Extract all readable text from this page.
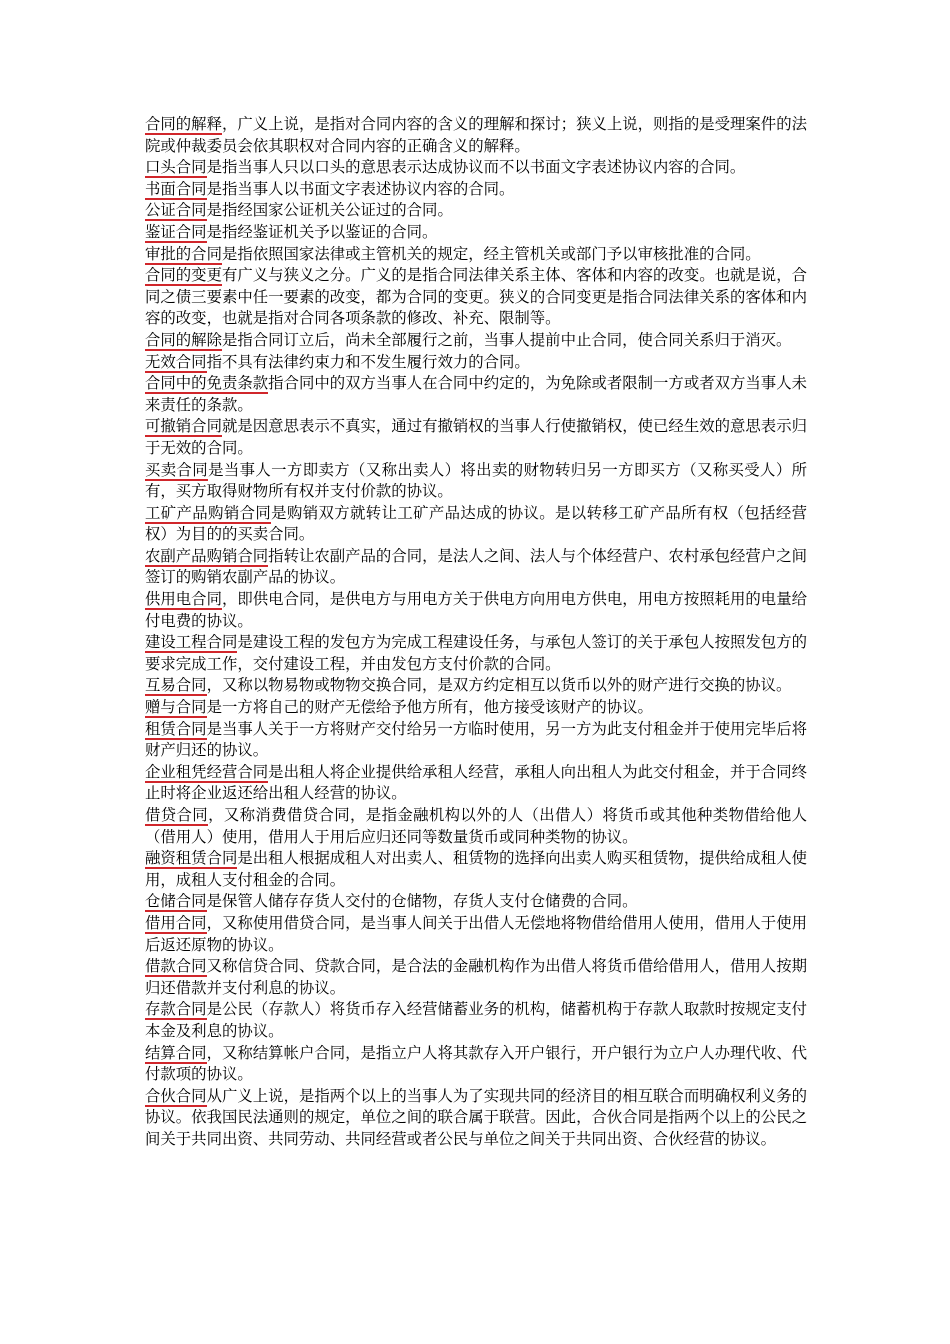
合同的解释，广义上说，是指对合同内容的含义的理解和探讨；狭义上说，则指的是受理案件的法院或仲裁委员会依其职权对合同内容的正确含义的解释。

口头合同是指当事人只以口头的意思表示达成协议而不以书面文字表述协议内容的合同。

书面合同是指当事人以书面文字表述协议内容的合同。

公证合同是指经国家公证机关公证过的合同。

鉴证合同是指经鉴证机关予以鉴证的合同。

审批的合同是指依照国家法律或主管机关的规定，经主管机关或部门予以审核批准的合同。

合同的变更有广义与狭义之分。广义的是指合同法律关系主体、客体和内容的改变。也就是说，合同之债三要素中任一要素的改变，都为合同的变更。狭义的合同变更是指合同法律关系的客体和内容的改变，也就是指对合同各项条款的修改、补充、限制等。

合同的解除是指合同订立后，尚未全部履行之前，当事人提前中止合同，使合同关系归于消灭。

无效合同指不具有法律约束力和不发生履行效力的合同。

合同中的免责条款指合同中的双方当事人在合同中约定的，为免除或者限制一方或者双方当事人未来责任的条款。

可撤销合同就是因意思表示不真实，通过有撤销权的当事人行使撤销权，使已经生效的意思表示归于无效的合同。

买卖合同是当事人一方即卖方（又称出卖人）将出卖的财物转归另一方即买方（又称买受人）所有，买方取得财物所有权并支付价款的协议。

工矿产品购销合同是购销双方就转让工矿产品达成的协议。是以转移工矿产品所有权（包括经营权）为目的的买卖合同。

农副产品购销合同指转让农副产品的合同，是法人之间、法人与个体经营户、农村承包经营户之间签订的购销农副产品的协议。

供用电合同，即供电合同，是供电方与用电方关于供电方向用电方供电，用电方按照耗用的电量给付电费的协议。

建设工程合同是建设工程的发包方为完成工程建设任务，与承包人签订的关于承包人按照发包方的要求完成工作，交付建设工程，并由发包方支付价款的合同。

互易合同，又称以物易物或物物交换合同，是双方约定相互以货币以外的财产进行交换的协议。

赠与合同是一方将自己的财产无偿给予他方所有，他方接受该财产的协议。

租赁合同是当事人关于一方将财产交付给另一方临时使用，另一方为此支付租金并于使用完毕后将财产归还的协议。

企业租凭经营合同是出租人将企业提供给承租人经营，承租人向出租人为此交付租金，并于合同终止时将企业返还给出租人经营的协议。

借贷合同，又称消费借贷合同，是指金融机构以外的人（出借人）将货币或其他种类物借给他人（借用人）使用，借用人于用后应归还同等数量货币或同种类物的协议。

融资租赁合同是出租人根据成租人对出卖人、租赁物的选择向出卖人购买租赁物，提供给成租人使用，成租人支付租金的合同。

仓储合同是保管人储存存货人交付的仓储物，存货人支付仓储费的合同。

借用合同，又称使用借贷合同，是当事人间关于出借人无偿地将物借给借用人使用，借用人于使用后返还原物的协议。

借款合同又称信贷合同、贷款合同，是合法的金融机构作为出借人将货币借给借用人，借用人按期归还借款并支付利息的协议。

存款合同是公民（存款人）将货币存入经营储蓄业务的机构，储蓄机构于存款人取款时按规定支付本金及利息的协议。

结算合同，又称结算帐户合同，是指立户人将其款存入开户银行，开户银行为立户人办理代收、代付款项的协议。

合伙合同从广义上说，是指两个以上的当事人为了实现共同的经济目的相互联合而明确权利义务的协议。依我国民法通则的规定，单位之间的联合属于联营。因此，合伙合同是指两个以上的公民之间关于共同出资、共同劳动、共同经营或者公民与单位之间关于共同出资、合伙经营的协议。
